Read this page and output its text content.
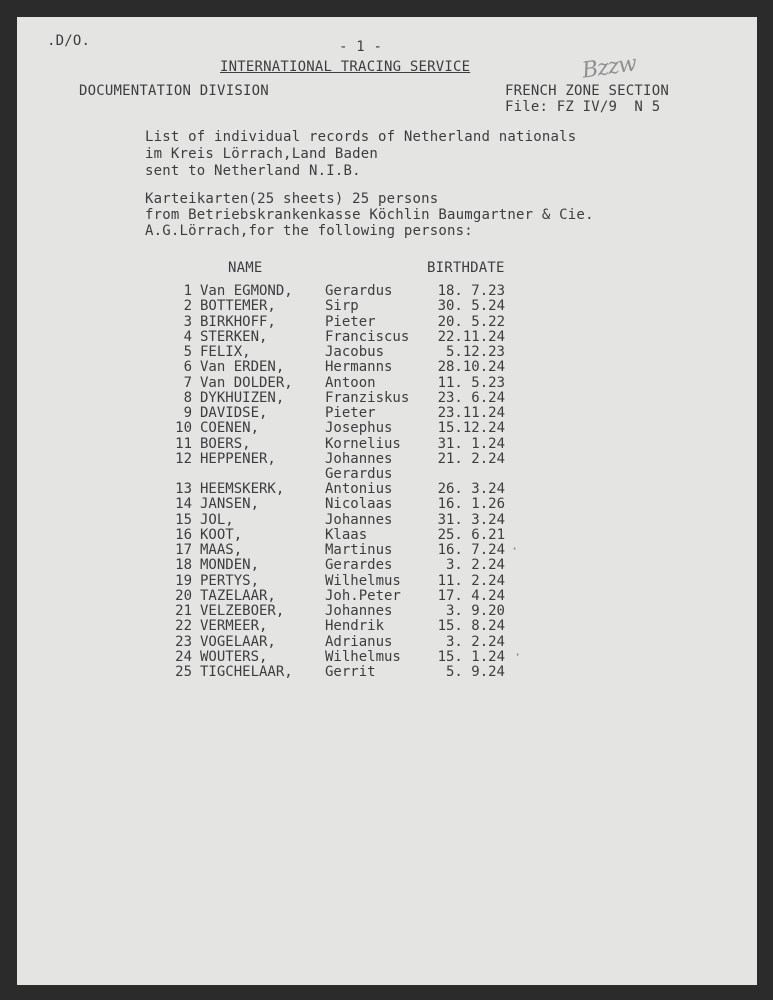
.D/O.	- 1 -
INTERNATIONAL TRACING SERVICE	Bzzw
DOCUMENTATION DIVISION	FRENCH ZONE SECTION
File: FZ IV/9  N 5
List of individual records of Netherland nationals
im Kreis Lörrach,Land Baden
sent to Netherland N.I.B.
Karteikarten(25 sheets) 25 persons
from Betriebskrankenkasse Köchlin Baumgartner & Cie.
A.G.Lörrach,for the following persons:
NAME	BIRTHDATE
1 Van EGMOND, Gerardus	18. 7.23
2 BOTTEMER,	Sirp	30. 5.24
3 BIRKHOFF,	Pieter	20. 5.22
4 STERKEN,	Franciscus	22.11.24
5 FELIX,	Jacobus	5.12.23
6 Van ERDEN,	Hermanns	28.10.24
7 Van DOLDER, Antoon	11. 5.23
8 DYKHUIZEN,	Franziskus	23. 6.24
9 DAVIDSE,	Pieter	23.11.24
10 COENEN,	Josephus	15.12.24
11 BOERS,	Kornelius	31. 1.24
12 HEPPENER,	Johannes	21. 2.24
Gerardus
13 HEEMSKERK,	Antonius	26. 3.24
14 JANSEN,	Nicolaas	16. 1.26
15 JOL,	Johannes	31. 3.24
16 KOOT,	Klaas	25. 6.21
17 MAAS,	Martinus	16. 7.24
18 MONDEN,	Gerardes	3. 2.24
19 PERTYS,	Wilhelmus	11. 2.24
20 TAZELAAR,	Joh.Peter	17. 4.24
21 VELZEBOER,	Johannes	3. 9.20
22 VERMEER,	Hendrik	15. 8.24
23 VOGELAAR,	Adrianus	3. 2.24
24 WOUTERS,	Wilhelmus	15. 1.24
25 TIGCHELAAR, Gerrit	5. 9.24
·
·
